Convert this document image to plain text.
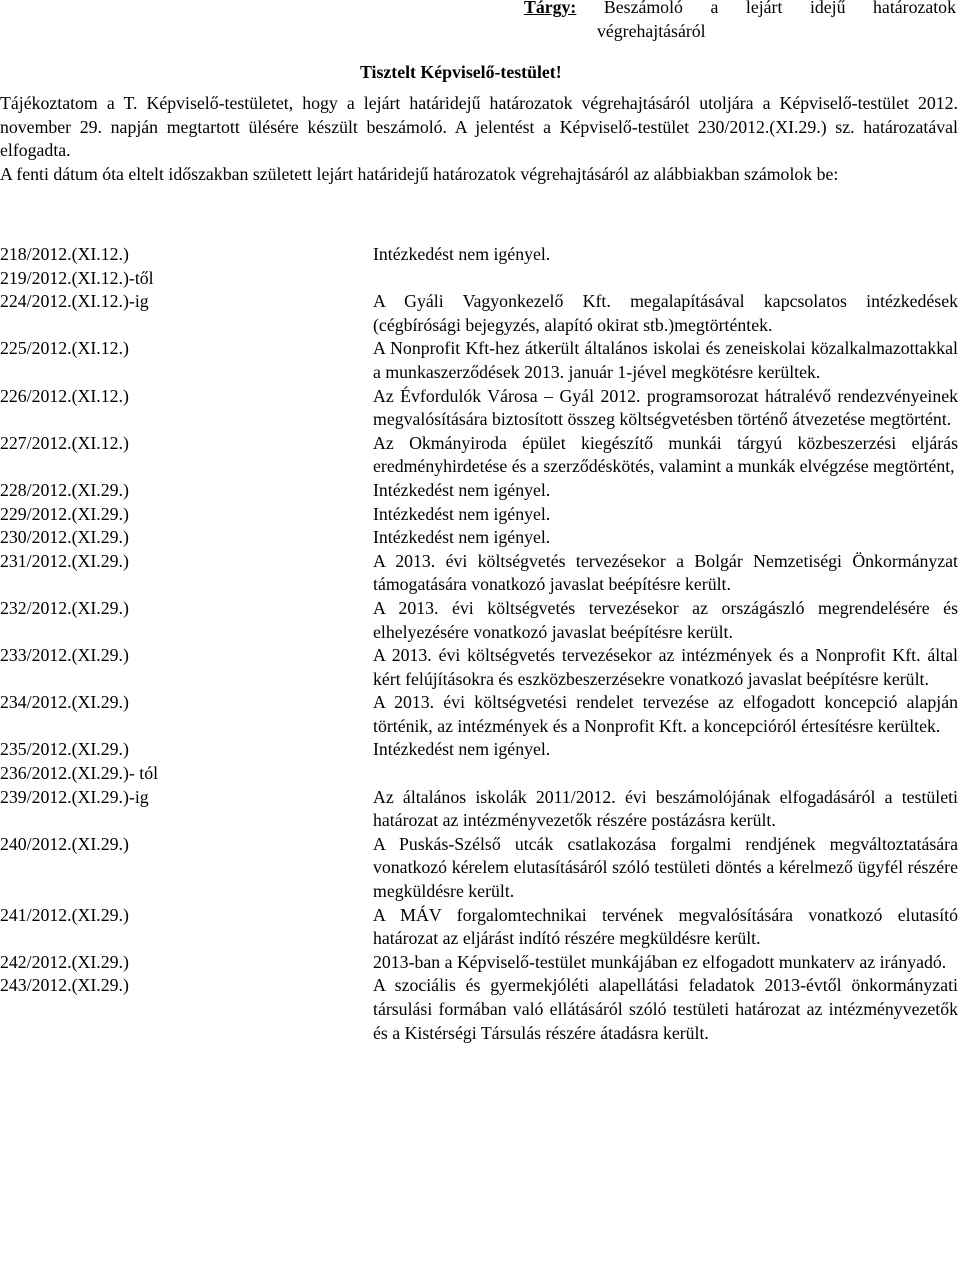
Tárgy: Beszámoló a lejárt idejű határozatok
végrehajtásáról
Tisztelt Képviselő-testület!

Tájékoztatom a T. Képviselő-testületet, hogy a lejárt határidejű határozatok végrehajtásáról utoljára a Képviselő-testület 2012. november 29. napján megtartott ülésére készült beszámoló. A jelentést a Képviselő-testület 230/2012.(XI.29.) sz. határozatával elfogadta.

A fenti dátum óta eltelt időszakban született lejárt határidejű határozatok végrehajtásáról az alábbiakban számolok be:

218/2012.(XI.12.)	Intézkedést nem igényel.
219/2012.(XI.12.)-től
224/2012.(XI.12.)-ig	A Gyáli Vagyonkezelő Kft. megalapításával kapcsolatos intézkedések (cégbírósági bejegyzés, alapító okirat stb.)megtörténtek.
225/2012.(XI.12.)	A Nonprofit Kft-hez átkerült általános iskolai és zeneiskolai közalkalmazottakkal a munkaszerződések 2013. január 1-jével megkötésre kerültek.
226/2012.(XI.12.)	Az Évfordulók Városa – Gyál 2012. programsorozat hátralévő rendezvényeinek megvalósítására biztosított összeg költségvetésben történő átvezetése megtörtént.
227/2012.(XI.12.)	Az Okmányiroda épület kiegészítő munkái tárgyú közbeszerzési eljárás eredményhirdetése és a szerződéskötés, valamint a munkák elvégzése megtörtént,
228/2012.(XI.29.)	Intézkedést nem igényel.
229/2012.(XI.29.)	Intézkedést nem igényel.
230/2012.(XI.29.)	Intézkedést nem igényel.
231/2012.(XI.29.)	A 2013. évi költségvetés tervezésekor a Bolgár Nemzetiségi Önkormányzat támogatására vonatkozó javaslat beépítésre került.
232/2012.(XI.29.)	A 2013. évi költségvetés tervezésekor az országászló megrendelésére és elhelyezésére vonatkozó javaslat beépítésre került.
233/2012.(XI.29.)	A 2013. évi költségvetés tervezésekor az intézmények és a Nonprofit Kft. által kért felújításokra és eszközbeszerzésekre vonatkozó javaslat beépítésre került.
234/2012.(XI.29.)	A 2013. évi költségvetési rendelet tervezése az elfogadott koncepció alapján történik, az intézmények és a Nonprofit Kft. a koncepcióról értesítésre kerültek.
235/2012.(XI.29.)	Intézkedést nem igényel.
236/2012.(XI.29.)- tól
239/2012.(XI.29.)-ig	Az általános iskolák 2011/2012. évi beszámolójának elfogadásáról a testületi határozat az intézményvezetők részére postázásra került.
240/2012.(XI.29.)	A Puskás-Szélső utcák csatlakozása forgalmi rendjének megváltoztatására vonatkozó kérelem elutasításáról szóló testületi döntés a kérelmező ügyfél részére megküldésre került.
241/2012.(XI.29.)	A MÁV forgalomtechnikai tervének megvalósítására vonatkozó elutasító határozat az eljárást indító részére megküldésre került.
242/2012.(XI.29.)	2013-ban a Képviselő-testület munkájában ez elfogadott munkaterv az irányadó.
243/2012.(XI.29.)	A szociális és gyermekjóléti alapellátási feladatok 2013-évtől önkormányzati társulási formában való ellátásáról szóló testületi határozat az intézményvezetők és a Kistérségi Társulás részére átadásra került.
